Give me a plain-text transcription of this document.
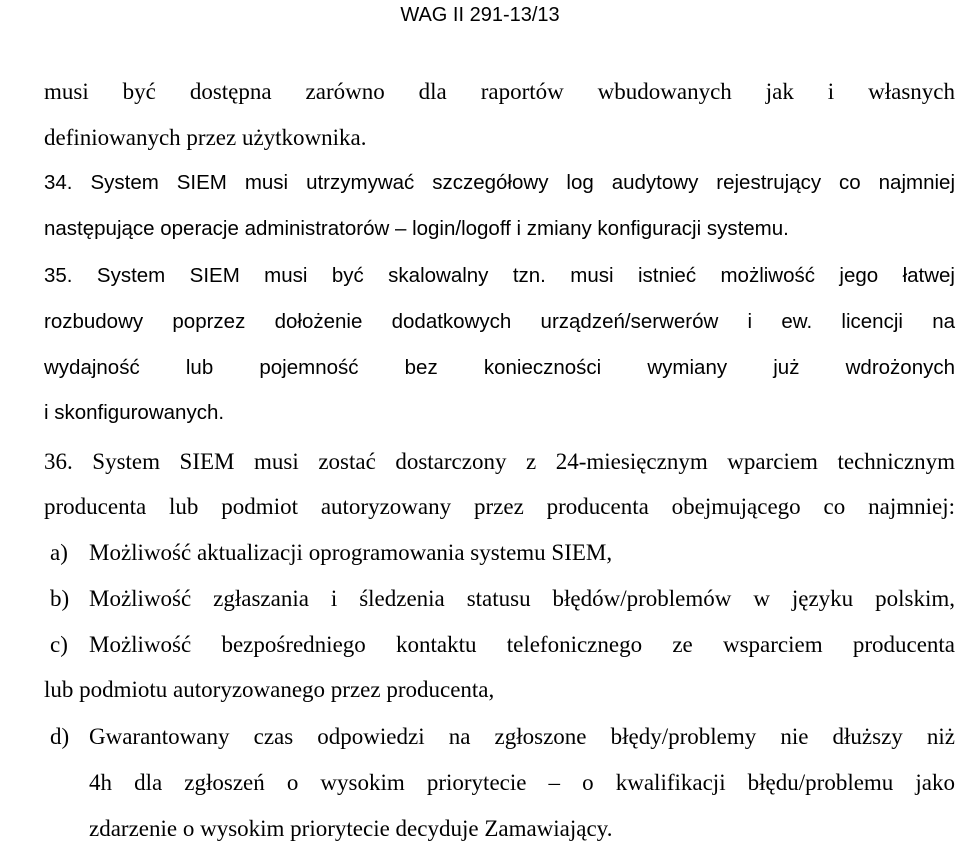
WAG II 291-13/13
musi być dostępna zarówno dla raportów wbudowanych jak i własnych
definiowanych przez użytkownika.
34. System SIEM musi utrzymywać szczegółowy log audytowy rejestrujący co najmniej
następujące operacje administratorów – login/logoff i zmiany konfiguracji systemu.
35. System SIEM musi być skalowalny tzn. musi istnieć możliwość jego łatwej
rozbudowy poprzez dołożenie dodatkowych urządzeń/serwerów i ew. licencji na
wydajność lub pojemność bez konieczności wymiany już wdrożonych
i skonfigurowanych.
36. System SIEM musi zostać dostarczony z 24-miesięcznym wparciem technicznym
producenta lub podmiot autoryzowany przez producenta obejmującego co najmniej:
a) Możliwość aktualizacji oprogramowania systemu SIEM,
b) Możliwość zgłaszania i śledzenia statusu błędów/problemów w języku polskim,
c) Możliwość bezpośredniego kontaktu telefonicznego ze wsparciem producenta
lub podmiotu autoryzowanego przez producenta,
d) Gwarantowany czas odpowiedzi na zgłoszone błędy/problemy nie dłuższy niż
4h dla zgłoszeń o wysokim priorytecie – o kwalifikacji błędu/problemu jako
zdarzenie o wysokim priorytecie decyduje Zamawiający.
